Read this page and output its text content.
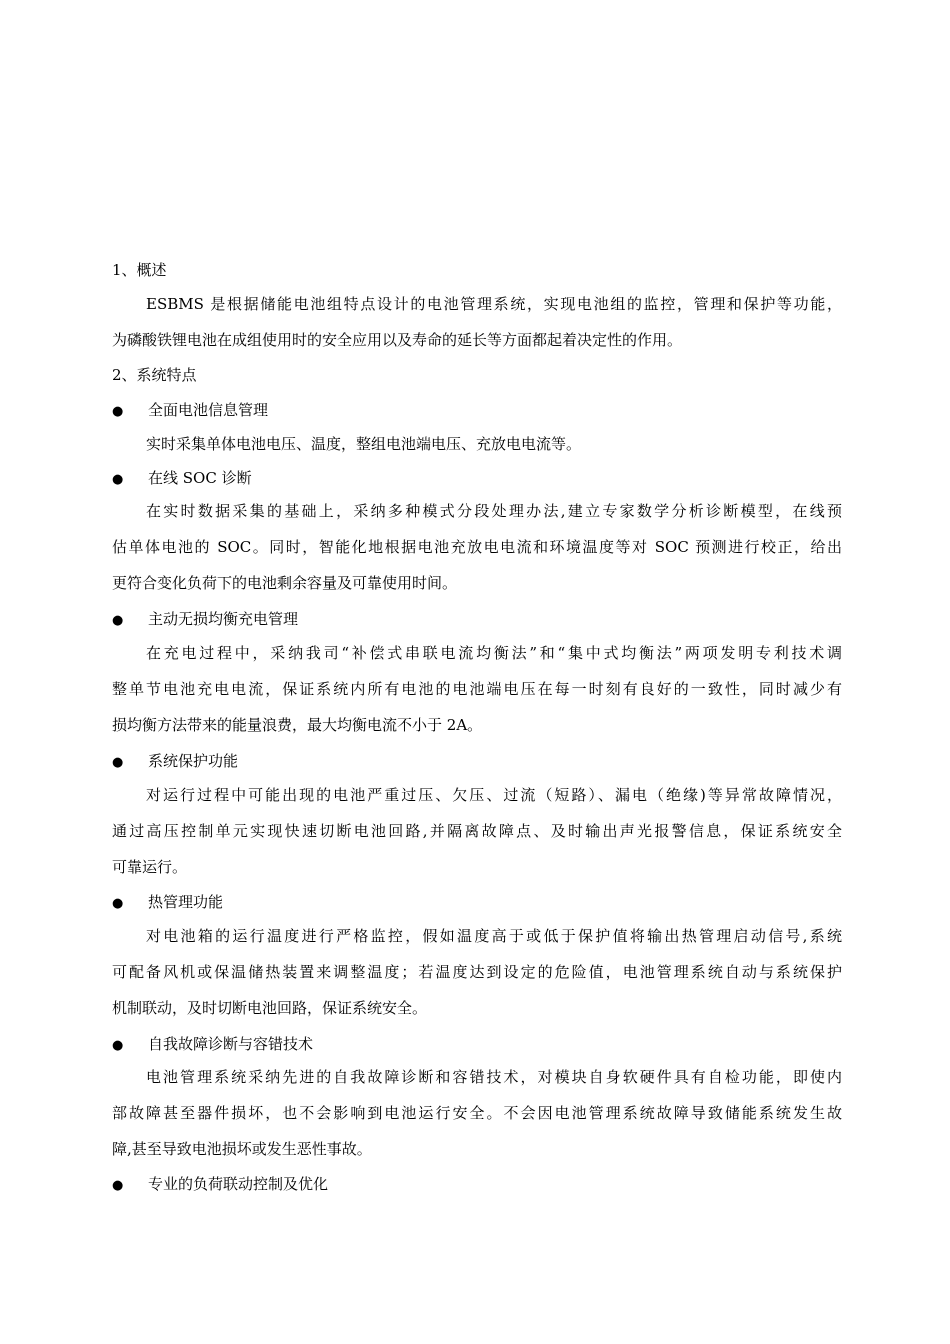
1、概述
ESBMS 是根据储能电池组特点设计的电池管理系统，实现电池组的监控，管理和保护等功能，
为磷酸铁锂电池在成组使用时的安全应用以及寿命的延长等方面都起着决定性的作用。
2、系统特点
● 全面电池信息管理
实时采集单体电池电压、温度，整组电池端电压、充放电电流等。
● 在线 SOC 诊断
在实时数据采集的基础上，采纳多种模式分段处理办法,建立专家数学分析诊断模型，在线预
估单体电池的 SOC。同时，智能化地根据电池充放电电流和环境温度等对 SOC 预测进行校正，给出
更符合变化负荷下的电池剩余容量及可靠使用时间。
● 主动无损均衡充电管理
在充电过程中，采纳我司“补偿式串联电流均衡法”和“集中式均衡法”两项发明专利技术调
整单节电池充电电流，保证系统内所有电池的电池端电压在每一时刻有良好的一致性，同时减少有
损均衡方法带来的能量浪费，最大均衡电流不小于 2A。
● 系统保护功能
对运行过程中可能出现的电池严重过压、欠压、过流（短路）、漏电（绝缘)等异常故障情况，
通过高压控制单元实现快速切断电池回路,并隔离故障点、及时输出声光报警信息，保证系统安全
可靠运行。
● 热管理功能
对电池箱的运行温度进行严格监控，假如温度高于或低于保护值将输出热管理启动信号,系统
可配备风机或保温储热装置来调整温度；若温度达到设定的危险值，电池管理系统自动与系统保护
机制联动，及时切断电池回路，保证系统安全。
● 自我故障诊断与容错技术
电池管理系统采纳先进的自我故障诊断和容错技术，对模块自身软硬件具有自检功能，即使内
部故障甚至器件损坏，也不会影响到电池运行安全。不会因电池管理系统故障导致储能系统发生故
障,甚至导致电池损坏或发生恶性事故。
● 专业的负荷联动控制及优化
